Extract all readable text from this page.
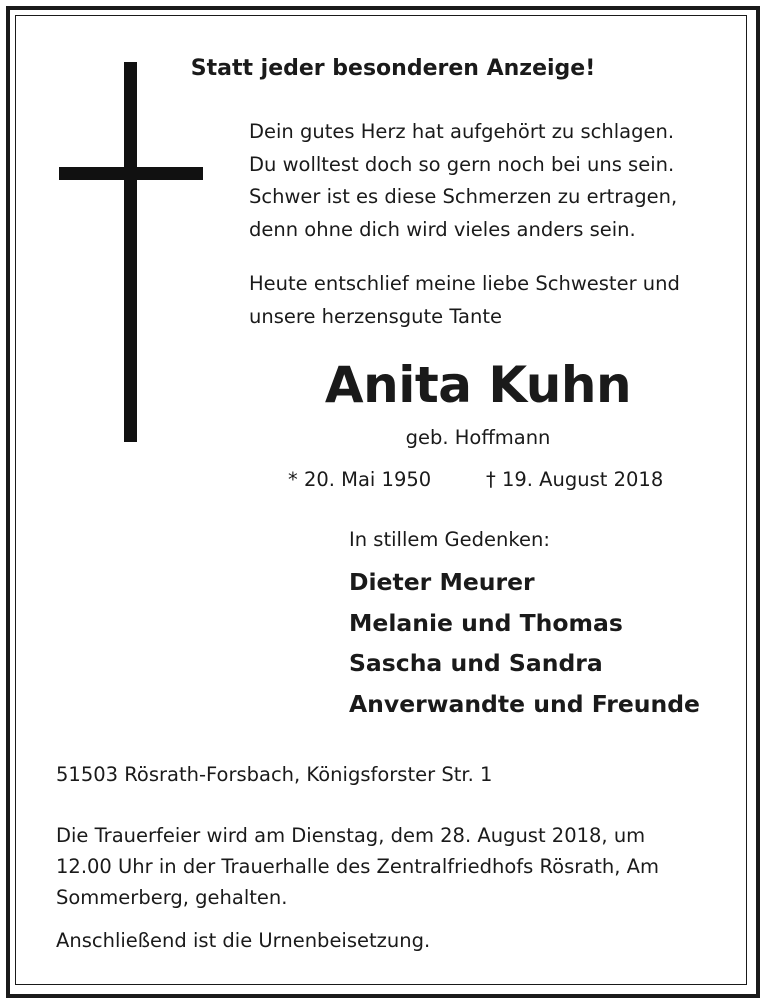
Statt jeder besonderen Anzeige!
Dein gutes Herz hat aufgehört zu schlagen.
Du wolltest doch so gern noch bei uns sein.
Schwer ist es diese Schmerzen zu ertragen,
denn ohne dich wird vieles anders sein.
Heute entschlief meine liebe Schwester und
unsere herzensgute Tante
Anita Kuhn
geb. Hoffmann
* 20. Mai 1950	† 19. August 2018
In stillem Gedenken:
Dieter Meurer
Melanie und Thomas
Sascha und Sandra
Anverwandte und Freunde
51503 Rösrath-Forsbach, Königsforster Str. 1
Die Trauerfeier wird am Dienstag, dem 28. August 2018, um
12.00 Uhr in der Trauerhalle des Zentralfriedhofs Rösrath, Am
Sommerberg, gehalten.
Anschließend ist die Urnenbeisetzung.
